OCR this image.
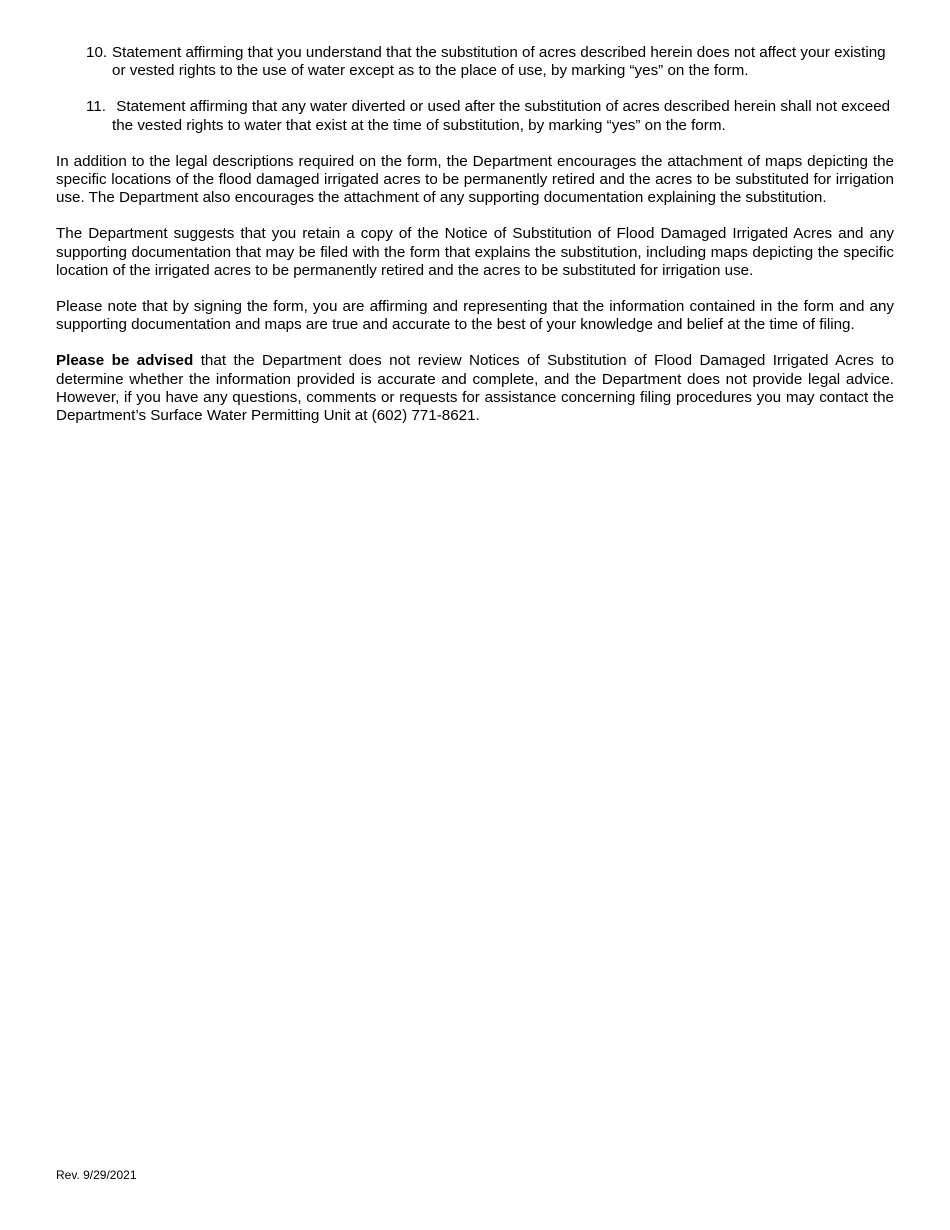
10. Statement affirming that you understand that the substitution of acres described herein does not affect your existing or vested rights to the use of water except as to the place of use, by marking “yes” on the form.
11. Statement affirming that any water diverted or used after the substitution of acres described herein shall not exceed the vested rights to water that exist at the time of substitution, by marking “yes” on the form.

In addition to the legal descriptions required on the form, the Department encourages the attachment of maps depicting the specific locations of the flood damaged irrigated acres to be permanently retired and the acres to be substituted for irrigation use. The Department also encourages the attachment of any supporting documentation explaining the substitution.

The Department suggests that you retain a copy of the Notice of Substitution of Flood Damaged Irrigated Acres and any supporting documentation that may be filed with the form that explains the substitution, including maps depicting the specific location of the irrigated acres to be permanently retired and the acres to be substituted for irrigation use.

Please note that by signing the form, you are affirming and representing that the information contained in the form and any supporting documentation and maps are true and accurate to the best of your knowledge and belief at the time of filing.

Please be advised that the Department does not review Notices of Substitution of Flood Damaged Irrigated Acres to determine whether the information provided is accurate and complete, and the Department does not provide legal advice. However, if you have any questions, comments or requests for assistance concerning filing procedures you may contact the Department’s Surface Water Permitting Unit at (602) 771-8621.

Rev. 9/29/2021
